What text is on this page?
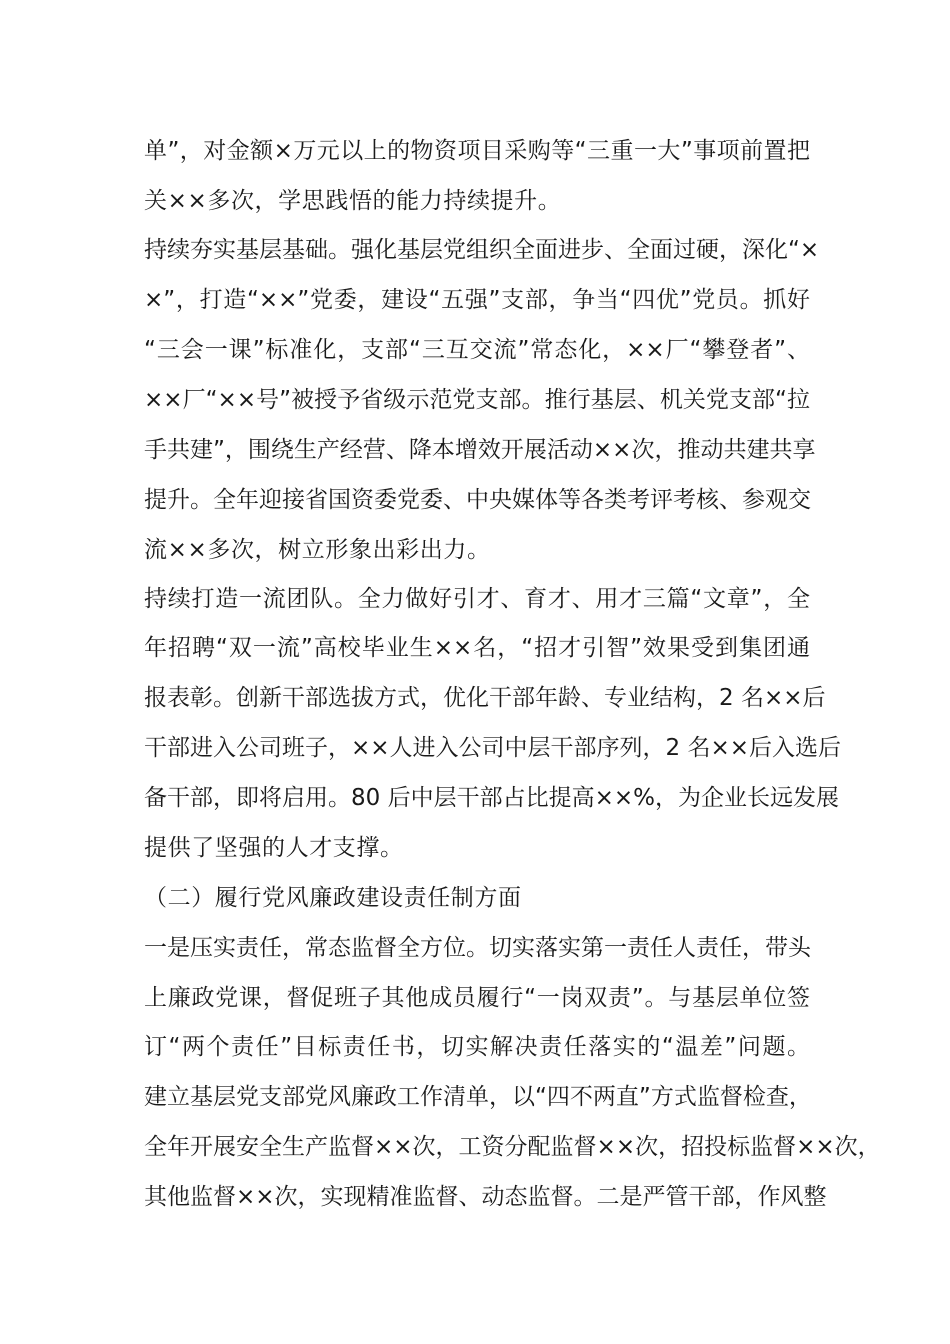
单”，对金额×万元以上的物资项目采购等“三重一大”事项前置把
关××多次，学思践悟的能力持续提升。
持续夯实基层基础。强化基层党组织全面进步、全面过硬，深化“×
×”，打造“××”党委，建设“五强”支部，争当“四优”党员。抓好
“三会一课”标准化，支部“三互交流”常态化，××厂“攀登者”、
××厂“××号”被授予省级示范党支部。推行基层、机关党支部“拉
手共建”，围绕生产经营、降本增效开展活动××次，推动共建共享
提升。全年迎接省国资委党委、中央媒体等各类考评考核、参观交
流××多次，树立形象出彩出力。
持续打造一流团队。全力做好引才、育才、用才三篇“文章”，全
年招聘“双一流”高校毕业生××名，“招才引智”效果受到集团通
报表彰。创新干部选拔方式，优化干部年龄、专业结构，2 名××后
干部进入公司班子，××人进入公司中层干部序列，2 名××后入选后
备干部，即将启用。80 后中层干部占比提高××%，为企业长远发展
提供了坚强的人才支撑。
（二）履行党风廉政建设责任制方面
一是压实责任，常态监督全方位。切实落实第一责任人责任，带头
上廉政党课，督促班子其他成员履行“一岗双责”。与基层单位签
订“两个责任”目标责任书，切实解决责任落实的“温差”问题。
建立基层党支部党风廉政工作清单，以“四不两直”方式监督检查，
全年开展安全生产监督××次，工资分配监督××次，招投标监督××次，
其他监督××次，实现精准监督、动态监督。二是严管干部，作风整
